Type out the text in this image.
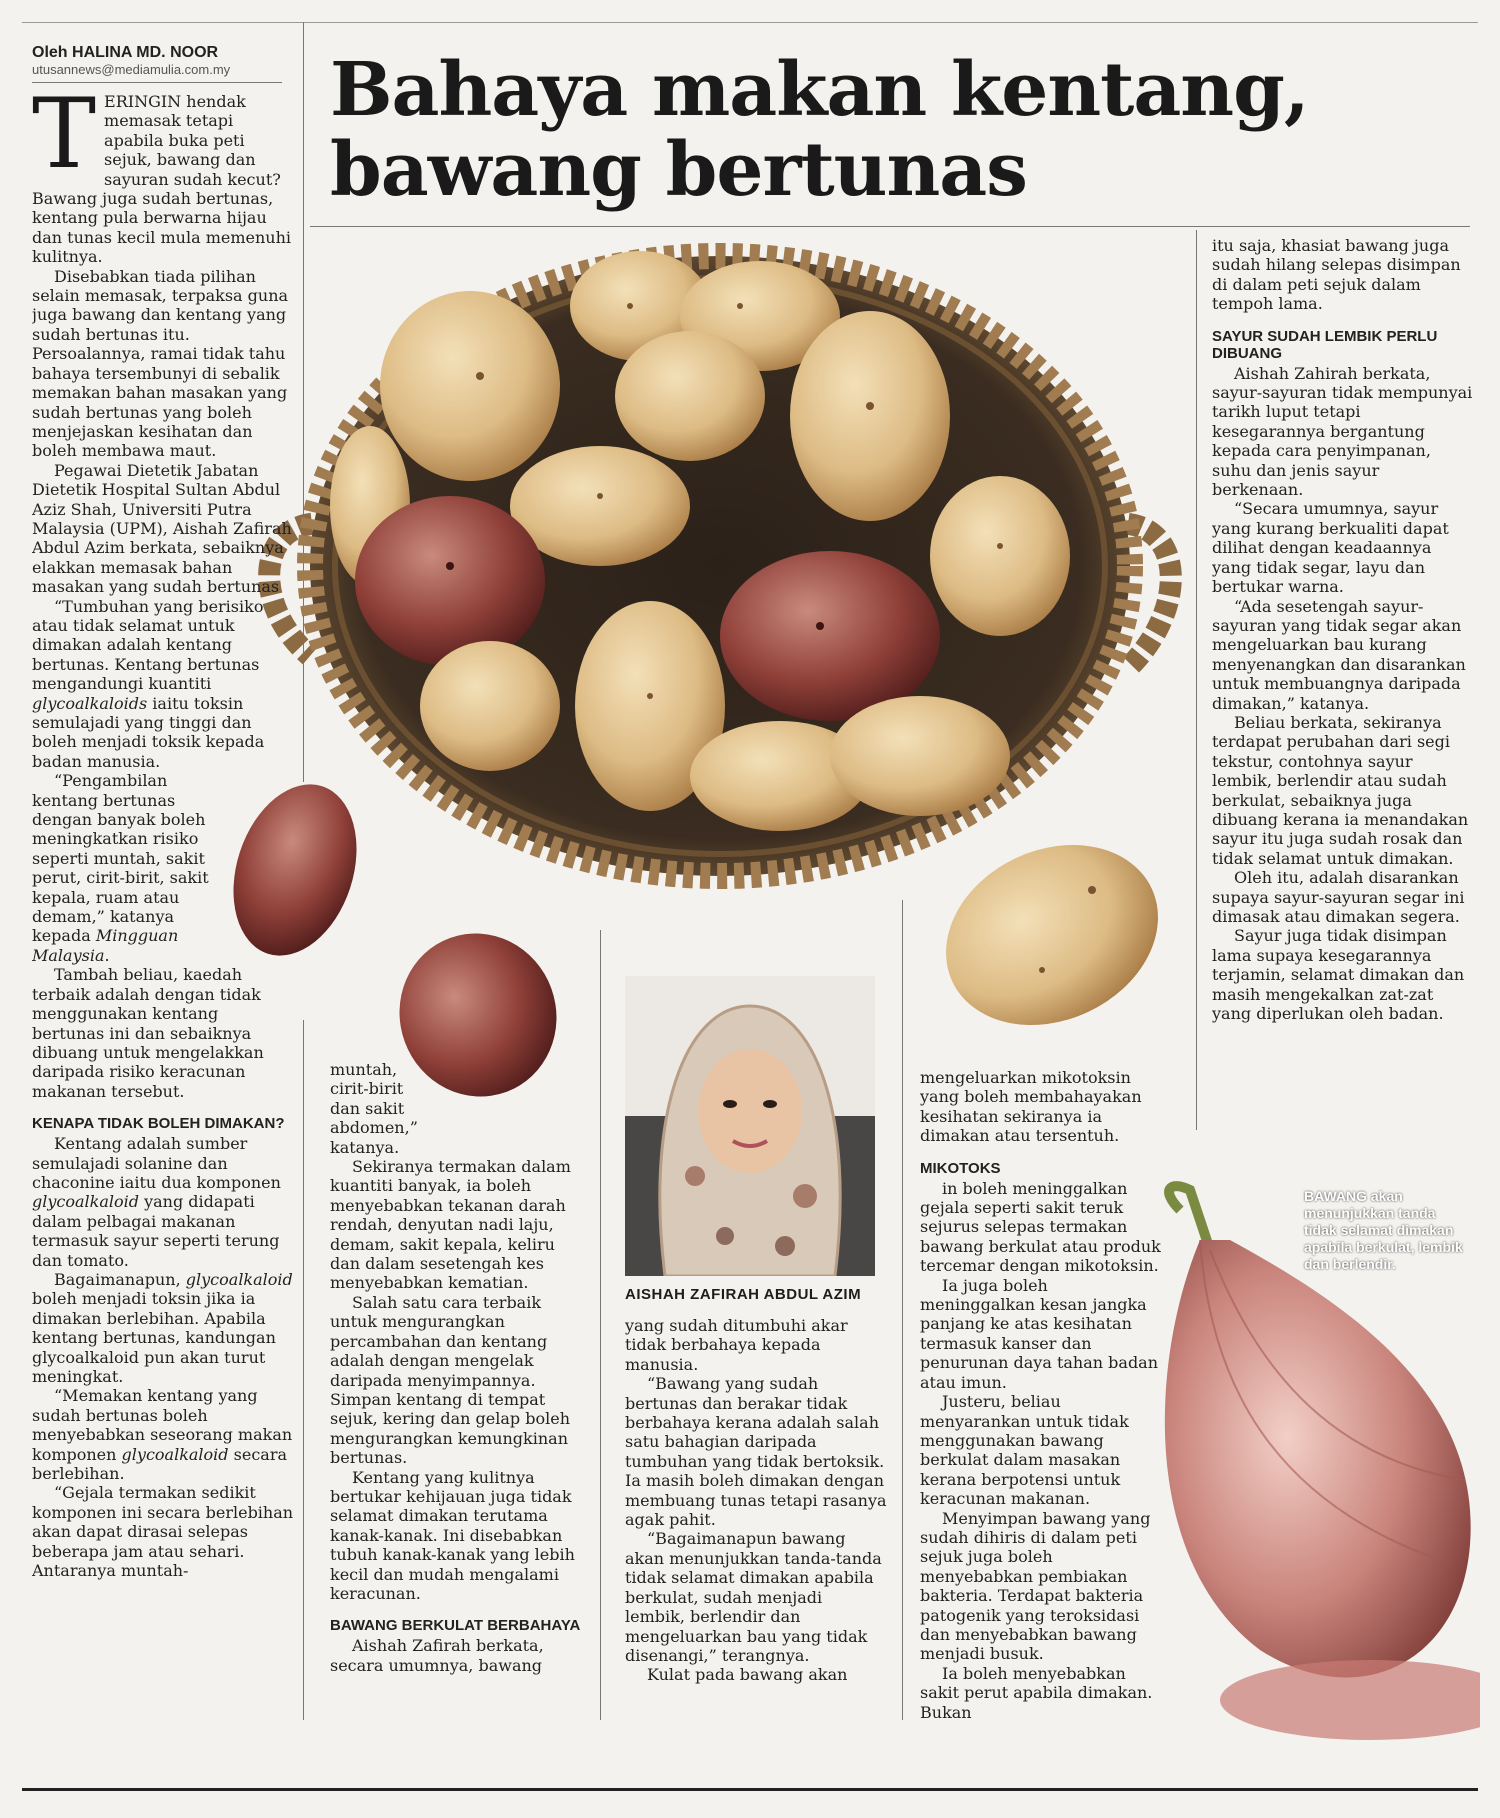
Oleh HALINA MD. NOOR
utusannews@mediamulia.com.my	Bahaya makan kentang, bawang bertunas
AISHAH ZAFIRAH ABDUL AZIM
BAWANG akan menunjukkan tanda tidak selamat dimakan apabila berkulat, lembik dan berlendir.

TERINGIN hendak memasak tetapi apabila buka peti sejuk, bawang dan sayuran sudah kecut? Bawang juga sudah bertunas, kentang pula berwarna hijau dan tunas kecil mula memenuhi kulitnya.

Disebabkan tiada pilihan selain memasak, terpaksa guna juga bawang dan kentang yang sudah bertunas itu. Persoalannya, ramai tidak tahu bahaya tersembunyi di sebalik memakan bahan masakan yang sudah bertunas yang boleh menjejaskan kesihatan dan boleh membawa maut.

Pegawai Dietetik Jabatan Dietetik Hospital Sultan Abdul Aziz Shah, Universiti Putra Malaysia (UPM), Aishah Zafirah Abdul Azim berkata, sebaiknya elakkan memasak bahan masakan yang sudah bertunas

“Tumbuhan yang berisiko atau tidak selamat untuk dimakan adalah kentang bertunas. Kentang bertunas mengandungi kuantiti glycoalkaloids iaitu toksin semulajadi yang tinggi dan boleh menjadi toksik kepada badan manusia.

“Pengambilan kentang bertunas dengan banyak boleh meningkatkan risiko seperti muntah, sakit perut, cirit-birit, sakit kepala, ruam atau demam,” katanya kepada Mingguan Malaysia.

Tambah beliau, kaedah terbaik adalah dengan tidak menggunakan kentang bertunas ini dan sebaiknya dibuang untuk mengelakkan daripada risiko keracunan makanan tersebut.

KENAPA TIDAK BOLEH DIMAKAN?

Kentang adalah sumber semulajadi solanine dan chaconine iaitu dua komponen glycoalkaloid yang didapati dalam pelbagai makanan termasuk sayur seperti terung dan tomato.

Bagaimanapun, glycoalkaloid boleh menjadi toksin jika ia dimakan berlebihan. Apabila kentang bertunas, kandungan glycoalkaloid pun akan turut meningkat.

“Memakan kentang yang sudah bertunas boleh menyebabkan seseorang makan komponen glycoalkaloid secara berlebihan.

“Gejala termakan sedikit komponen ini secara berlebihan akan dapat dirasai selepas beberapa jam atau sehari. Antaranya muntah-

muntah, cirit-birit dan sakit abdomen,” katanya.

Sekiranya termakan dalam kuantiti banyak, ia boleh menyebabkan tekanan darah rendah, denyutan nadi laju, demam, sakit kepala, keliru dan dalam sesetengah kes menyebabkan kematian.

Salah satu cara terbaik untuk mengurangkan percambahan dan kentang adalah dengan mengelak daripada menyimpannya. Simpan kentang di tempat sejuk, kering dan gelap boleh mengurangkan kemungkinan bertunas.

Kentang yang kulitnya bertukar kehijauan juga tidak selamat dimakan terutama kanak-kanak. Ini disebabkan tubuh kanak-kanak yang lebih kecil dan mudah mengalami keracunan.

BAWANG BERKULAT BERBAHAYA

Aishah Zafirah berkata, secara umumnya, bawang

yang sudah ditumbuhi akar tidak berbahaya kepada manusia.

“Bawang yang sudah bertunas dan berakar tidak berbahaya kerana adalah salah satu bahagian daripada tumbuhan yang tidak bertoksik. Ia masih boleh dimakan dengan membuang tunas tetapi rasanya agak pahit.

“Bagaimanapun bawang akan menunjukkan tanda-tanda tidak selamat dimakan apabila berkulat, sudah menjadi lembik, berlendir dan mengeluarkan bau yang tidak disenangi,” terangnya.

Kulat pada bawang akan

mengeluarkan mikotoksin yang boleh membahayakan kesihatan sekiranya ia dimakan atau tersentuh.

MIKOTOKS

in boleh meninggalkan gejala seperti sakit teruk sejurus selepas termakan bawang berkulat atau produk tercemar dengan mikotoksin.

Ia juga boleh meninggalkan kesan jangka panjang ke atas kesihatan termasuk kanser dan penurunan daya tahan badan atau imun.

Justeru, beliau menyarankan untuk tidak menggunakan bawang berkulat dalam masakan kerana berpotensi untuk keracunan makanan.

Menyimpan bawang yang sudah dihiris di dalam peti sejuk juga boleh menyebabkan pembiakan bakteria. Terdapat bakteria patogenik yang teroksidasi dan menyebabkan bawang menjadi busuk.

Ia boleh menyebabkan sakit perut apabila dimakan. Bukan

itu saja, khasiat bawang juga sudah hilang selepas disimpan di dalam peti sejuk dalam tempoh lama.

SAYUR SUDAH LEMBIK PERLU DIBUANG

Aishah Zahirah berkata, sayur-sayuran tidak mempunyai tarikh luput tetapi kesegarannya bergantung kepada cara penyimpanan, suhu dan jenis sayur berkenaan.

“Secara umumnya, sayur yang kurang berkualiti dapat dilihat dengan keadaannya yang tidak segar, layu dan bertukar warna.

“Ada sesetengah sayur-sayuran yang tidak segar akan mengeluarkan bau kurang menyenangkan dan disarankan untuk membuangnya daripada dimakan,” katanya.

Beliau berkata, sekiranya terdapat perubahan dari segi tekstur, contohnya sayur lembik, berlendir atau sudah berkulat, sebaiknya juga dibuang kerana ia menandakan sayur itu juga sudah rosak dan tidak selamat untuk dimakan.

Oleh itu, adalah disarankan supaya sayur-sayuran segar ini dimasak atau dimakan segera.

Sayur juga tidak disimpan lama supaya kesegarannya terjamin, selamat dimakan dan masih mengekalkan zat-zat yang diperlukan oleh badan.
